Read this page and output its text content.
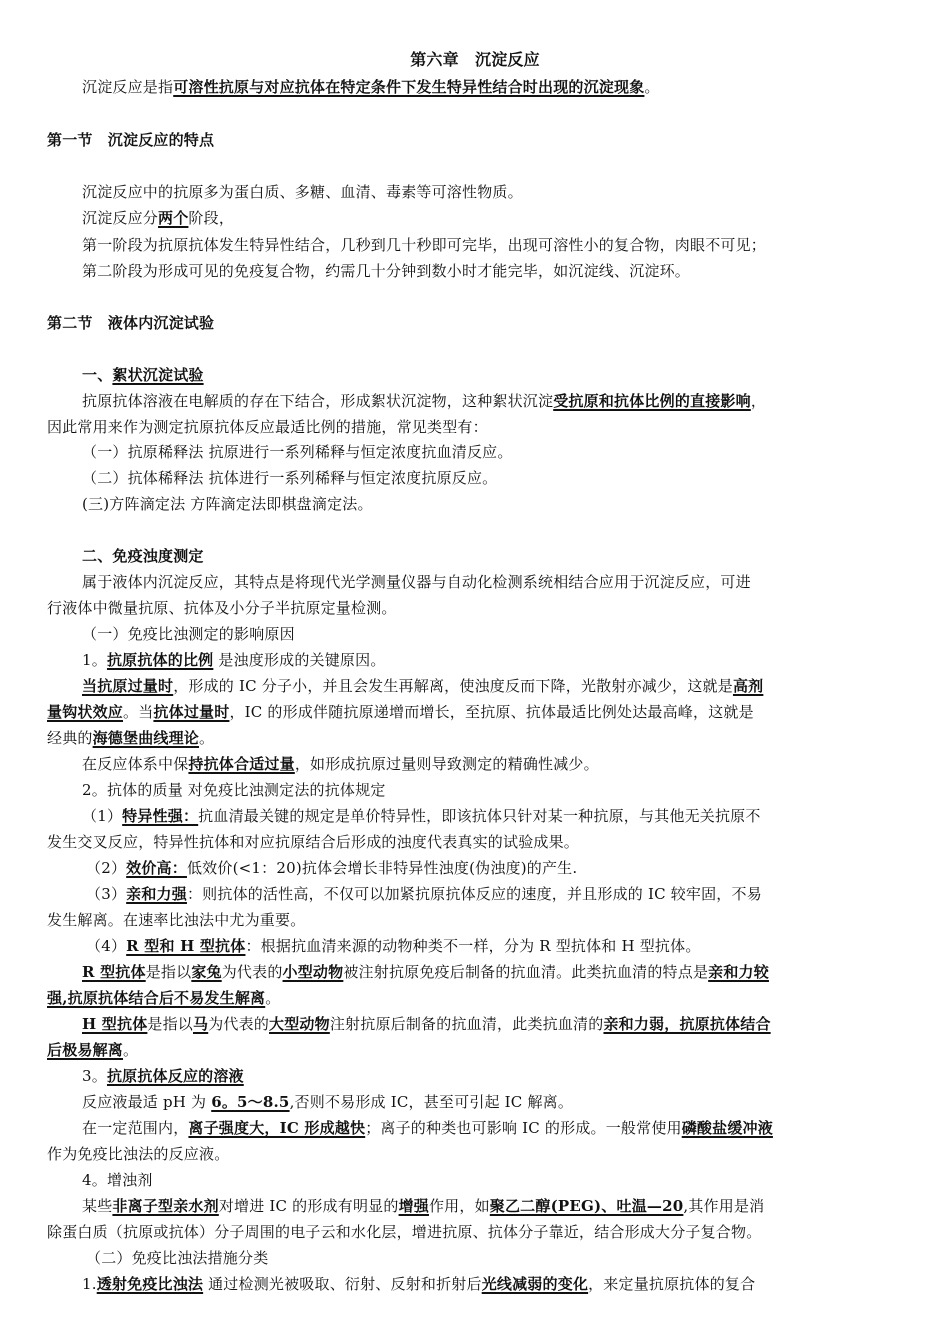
第六章　沉淀反应
沉淀反应是指可溶性抗原与对应抗体在特定条件下发生特异性结合时出现的沉淀现象。
第一节　沉淀反应的特点
沉淀反应中的抗原多为蛋白质、多糖、血清、毒素等可溶性物质。
沉淀反应分两个阶段，
第一阶段为抗原抗体发生特异性结合，几秒到几十秒即可完毕，出现可溶性小的复合物，肉眼不可见；
第二阶段为形成可见的免疫复合物，约需几十分钟到数小时才能完毕，如沉淀线、沉淀环。
第二节　液体内沉淀试验
一、絮状沉淀试验
抗原抗体溶液在电解质的存在下结合，形成絮状沉淀物，这种絮状沉淀受抗原和抗体比例的直接影响，
因此常用来作为测定抗原抗体反应最适比例的措施，常见类型有：
（一）抗原稀释法 抗原进行一系列稀释与恒定浓度抗血清反应。
（二）抗体稀释法 抗体进行一系列稀释与恒定浓度抗原反应。
(三)方阵滴定法 方阵滴定法即棋盘滴定法。
二、免疫浊度测定
属于液体内沉淀反应，其特点是将现代光学测量仪器与自动化检测系统相结合应用于沉淀反应，可进
行液体中微量抗原、抗体及小分子半抗原定量检测。
（一）免疫比浊测定的影响原因
1。抗原抗体的比例 是浊度形成的关键原因。
当抗原过量时，形成的 IC 分子小，并且会发生再解离，使浊度反而下降，光散射亦减少，这就是高剂
量钩状效应。当抗体过量时，IC 的形成伴随抗原递增而增长，至抗原、抗体最适比例处达最高峰，这就是
经典的海德堡曲线理论。
在反应体系中保持抗体合适过量，如形成抗原过量则导致测定的精确性减少。
2。抗体的质量 对免疫比浊测定法的抗体规定
（1）特异性强：抗血清最关键的规定是单价特异性，即该抗体只针对某一种抗原，与其他无关抗原不
发生交叉反应，特异性抗体和对应抗原结合后形成的浊度代表真实的试验成果。
（2）效价高：低效价(<1：20)抗体会增长非特异性浊度(伪浊度)的产生.
（3）亲和力强：则抗体的活性高，不仅可以加紧抗原抗体反应的速度，并且形成的 IC 较牢固，不易
发生解离。在速率比浊法中尤为重要。
（4）R 型和 H 型抗体：根据抗血清来源的动物种类不一样，分为 R 型抗体和 H 型抗体。
R 型抗体是指以家兔为代表的小型动物被注射抗原免疫后制备的抗血清。此类抗血清的特点是亲和力较
强,抗原抗体结合后不易发生解离。
H 型抗体是指以马为代表的大型动物注射抗原后制备的抗血清，此类抗血清的亲和力弱，抗原抗体结合
后极易解离。
3。抗原抗体反应的溶液
反应液最适 pH 为 6。5～8.5,否则不易形成 IC，甚至可引起 IC 解离。
在一定范围内，离子强度大，IC 形成越快；离子的种类也可影响 IC 的形成。一般常使用磷酸盐缓冲液
作为免疫比浊法的反应液。
4。增浊剂
某些非离子型亲水剂对增进 IC 的形成有明显的增强作用，如聚乙二醇(PEG)、吐温—20,其作用是消
除蛋白质（抗原或抗体）分子周围的电子云和水化层，增进抗原、抗体分子靠近，结合形成大分子复合物。
（二）免疫比浊法措施分类
1.透射免疫比浊法 通过检测光被吸取、衍射、反射和折射后光线减弱的变化，来定量抗原抗体的复合
